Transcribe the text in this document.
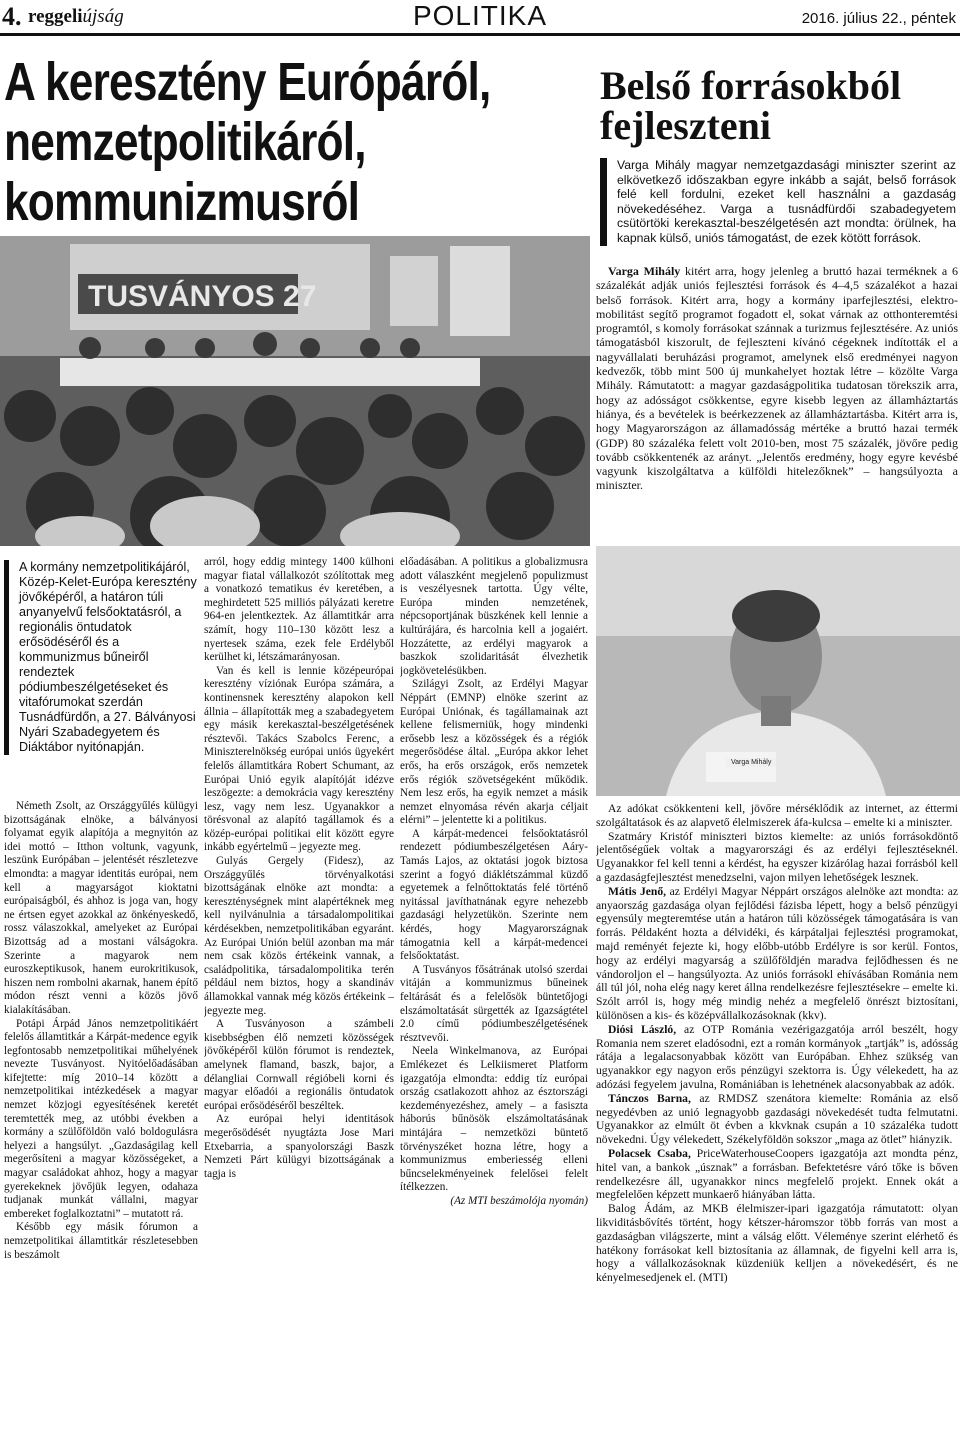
4. reggeliújság	POLITIKA	2016. július 22., péntek
A keresztény Európáról, nemzetpolitikáról, kommunizmusról
TUSVÁNYOS 27
A kormány nemzetpolitikájáról, Közép-Kelet-Európa keresztény jövőképéről, a határon túli anyanyelvű felsőoktatásról, a regionális öntudatok erősödéséről és a kommunizmus bűneiről rendeztek pódiumbeszélgetéseket és vitafórumokat szerdán Tusnádfürdőn, a 27. Bálványosi Nyári Szabadegyetem és Diáktábor nyitónapján.

Németh Zsolt, az Országgyűlés külügyi bizottságának elnöke, a bálványosi folyamat egyik alapítója a megnyitón az idei mottó – Itthon voltunk, vagyunk, leszünk Európában – jelentését részletezve elmondta: a magyar identitás európai, nem kell a magyarságot kioktatni európaiságból, és ahhoz is joga van, hogy ne értsen egyet azokkal az önkényeskedő, rossz válaszokkal, amelyeket az Európai Bizottság ad a mostani válságokra. Szerinte a magyarok nem euroszkeptikusok, hanem eurokritikusok, hiszen nem rombolni akarnak, hanem építő módon részt venni a közös jövő kialakításában.

Potápi Árpád János nemzetpolitikáért felelős államtitkár a Kárpát-medence egyik legfontosabb nemzetpolitikai műhelyének nevezte Tusványost. Nyitóelőadásában kifejtette: míg 2010–14 között a nemzetpolitikai intézkedések a magyar nemzet közjogi egyesítésének keretét teremtették meg, az utóbbi években a kormány a szülőföldön való boldogulásra helyezi a hangsúlyt. „Gazdaságilag kell megerősíteni a magyar közösségeket, a magyar családokat ahhoz, hogy a magyar gyerekeknek jövőjük legyen, odahaza tudjanak munkát vállalni, magyar embereket foglalkoztatni” – mutatott rá.

Később egy másik fórumon a nemzetpolitikai államtitkár részletesebben is beszámolt

arról, hogy eddig mintegy 1400 külhoni magyar fiatal vállalkozót szólítottak meg a vonatkozó tematikus év keretében, a meghirdetett 525 milliós pályázati keretre 964-en jelentkeztek. Az államtitkár arra számít, hogy 110–130 között lesz a nyertesek száma, ezek fele Erdélyből kerülhet ki, létszámarányosan.

Van és kell is lennie középeurópai keresztény víziónak Európa számára, a kontinensnek keresztény alapokon kell állnia – állapították meg a szabadegyetem egy másik kerekasztal-beszélgetésének résztevői. Takács Szabolcs Ferenc, a Miniszterelnökség európai uniós ügyekért felelős államtitkára Robert Schumant, az Európai Unió egyik alapítóját idézve leszögezte: a demokrácia vagy keresztény lesz, vagy nem lesz. Ugyanakkor a törésvonal az alapító tagállamok és a közép-európai politikai elit között egyre inkább egyértelmű – jegyezte meg.

Gulyás Gergely (Fidesz), az Országgyűlés törvényalkotási bizottságának elnöke azt mondta: a kereszténységnek mint alapértéknek meg kell nyilvánulnia a társadalompolitikai kérdésekben, nemzetpolitikában egyaránt. Az Európai Unión belül azonban ma már nem csak közös értékeink vannak, a családpolitika, társadalompolitika terén például nem biztos, hogy a skandináv államokkal vannak még közös értékeink – jegyezte meg.

A Tusványoson a számbeli kisebbségben élő nemzeti közösségek jövőképéről külön fórumot is rendeztek, amelynek flamand, baszk, bajor, a délangliai Cornwall régióbeli korni és magyar előadói a regionális öntudatok európai erősödéséről beszéltek.

Az európai helyi identitások megerősödését nyugtázta Jose Mari Etxebarria, a spanyolországi Baszk Nemzeti Párt külügyi bizottságának a tagja is

előadásában. A politikus a globalizmusra adott válaszként megjelenő populizmust is veszélyesnek tartotta. Úgy vélte, Európa minden nemzetének, népcsoportjának büszkének kell lennie a kultúrájára, és harcolnia kell a jogaiért. Hozzátette, az erdélyi magyarok a baszkok szolidaritását élvezhetik jogkövetelésükben.

Szilágyi Zsolt, az Erdélyi Magyar Néppárt (EMNP) elnöke szerint az Európai Uniónak, és tagállamainak azt kellene felismerniük, hogy mindenki erősebb lesz a közösségek és a régiók megerősödése által. „Európa akkor lehet erős, ha erős országok, erős nemzetek erős régiók szövetségeként működik. Nem lesz erős, ha egyik nemzet a másik nemzet elnyomása révén akarja céljait elérni” – jelentette ki a politikus.

A kárpát-medencei felsőoktatásról rendezett pódiumbeszélgetésen Aáry-Tamás Lajos, az oktatási jogok biztosa szerint a fogyó diáklétszámmal küzdő egyetemek a felnőttoktatás felé történő nyitással javíthatnának egyre nehezebb gazdasági helyzetükön. Szerinte nem kérdés, hogy Magyarországnak támogatnia kell a kárpát-medencei felsőoktatást.

A Tusványos fősátrának utolsó szerdai vitáján a kommunizmus bűneinek feltárását és a felelősök büntetőjogi elszámoltatását sürgették az Igazságtétel 2.0 című pódiumbeszélgetésének résztvevői.

Neela Winkelmanova, az Európai Emlékezet és Lelkiismeret Platform igazgatója elmondta: eddig tíz európai ország csatlakozott ahhoz az észtországi kezdeményezéshez, amely – a fasiszta háborús bűnösök elszámoltatásának mintájára – nemzetközi büntető törvényszéket hozna létre, hogy a kommunizmus emberiesség elleni bűncselekményeinek felelősei felelt ítélkezzen.

(Az MTI beszámolója nyomán)

Belső forrásokból fejleszteni
Varga Mihály magyar nemzetgazdasági miniszter szerint az elkövetkező időszakban egyre inkább a saját, belső források felé kell fordulni, ezeket kell használni a gazdaság növekedéséhez. Varga a tusnádfürdői szabadegyetem csütörtöki kerekasztal-beszélgetésén azt mondta: örülnek, ha kapnak külső, uniós támogatást, de ezek kötött források.

Varga Mihály kitért arra, hogy jelenleg a bruttó hazai terméknek a 6 százalékát adják uniós fejlesztési források és 4–4,5 százalékot a hazai belső források. Kitért arra, hogy a kormány iparfejlesztési, elektro-mobilitást segítő programot fogadott el, sokat várnak az otthonteremtési programtól, s komoly forrásokat szánnak a turizmus fejlesztésére. Az uniós támogatásból kiszorult, de fejleszteni kívánó cégeknek indították el a nagyvállalati beruházási programot, amelynek első eredményei nagyon kedvezők, több mint 500 új munkahelyet hoztak létre – közölte Varga Mihály. Rámutatott: a magyar gazdaságpolitika tudatosan törekszik arra, hogy az adósságot csökkentse, egyre kisebb legyen az államháztartás hiánya, és a bevételek is beérkezzenek az államháztartásba. Kitért arra is, hogy Magyarországon az államadósság mértéke a bruttó hazai termék (GDP) 80 százaléka felett volt 2010-ben, most 75 százalék, jövőre pedig tovább csökkentenék az arányt. „Jelentős eredmény, hogy egyre kevésbé vagyunk kiszolgáltatva a külföldi hitelezőknek” – hangsúlyozta a miniszter.

Varga Mihály

Az adókat csökkenteni kell, jövőre mérséklődik az internet, az éttermi szolgáltatások és az alapvető élelmiszerek áfa-kulcsa – emelte ki a miniszter.

Szatmáry Kristóf miniszteri biztos kiemelte: az uniós forrásokdöntő jelentőségűek voltak a magyarországi és az erdélyi fejlesztéseknél. Ugyanakkor fel kell tenni a kérdést, ha egyszer kizárólag hazai forrásból kell a gazdaságfejlesztést menedzselni, vajon milyen lehetőségek lesznek.

Mátis Jenő, az Erdélyi Magyar Néppárt országos alelnöke azt mondta: az anyaország gazdasága olyan fejlődési fázisba lépett, hogy a belső pénzügyi egyensúly megteremtése után a határon túli közösségek támogatására is van forrás. Példaként hozta a délvidéki, és kárpátaljai fejlesztési programokat, majd reményét fejezte ki, hogy előbb-utóbb Erdélyre is sor kerül. Fontos, hogy az erdélyi magyarság a szülőföldjén maradva fejlődhessen és ne vándoroljon el – hangsúlyozta. Az uniós forrásokl ehívásában Románia nem áll túl jól, noha elég nagy keret állna rendelkezésre fejlesztésekre – emelte ki. Szólt arról is, hogy még mindig nehéz a megfelelő önrészt biztosítani, különösen a kis- és középvállalkozásoknak (kkv).

Diósi László, az OTP Románia vezérigazgatója arról beszélt, hogy Romania nem szeret eladósodni, ezt a román kormányok „tartják” is, adósság rátája a legalacsonyabbak között van Európában. Ehhez szükség van ugyanakkor egy nagyon erős pénzügyi szektorra is. Úgy vélekedett, ha az adózási fegyelem javulna, Romániában is lehetnének alacsonyabbak az adók.

Tánczos Barna, az RMDSZ szenátora kiemelte: Románia az első negyedévben az unió legnagyobb gazdasági növekedését tudta felmutatni. Ugyanakkor az elmúlt öt évben a kkvknak csupán a 10 százaléka tudott növekedni. Úgy vélekedett, Székelyföldön sokszor „maga az ötlet” hiányzik.

Polacsek Csaba, PriceWaterhouseCoopers igazgatója azt mondta pénz, hitel van, a bankok „úsznak” a forrásban. Befektetésre váró tőke is bőven rendelkezésre áll, ugyanakkor nincs megfelelő projekt. Ennek okát a megfelelően képzett munkaerő hiányában látta.

Balog Ádám, az MKB élelmiszer-ipari igazgatója rámutatott: olyan likviditásbővítés történt, hogy kétszer-háromszor több forrás van most a gazdaságban világszerte, mint a válság előtt. Véleménye szerint elérhető és hatékony forrásokat kell biztosítania az államnak, de figyelni kell arra is, hogy a vállalkozásoknak küzdeniük kelljen a növekedésért, és ne kényelmesedjenek el. (MTI)
